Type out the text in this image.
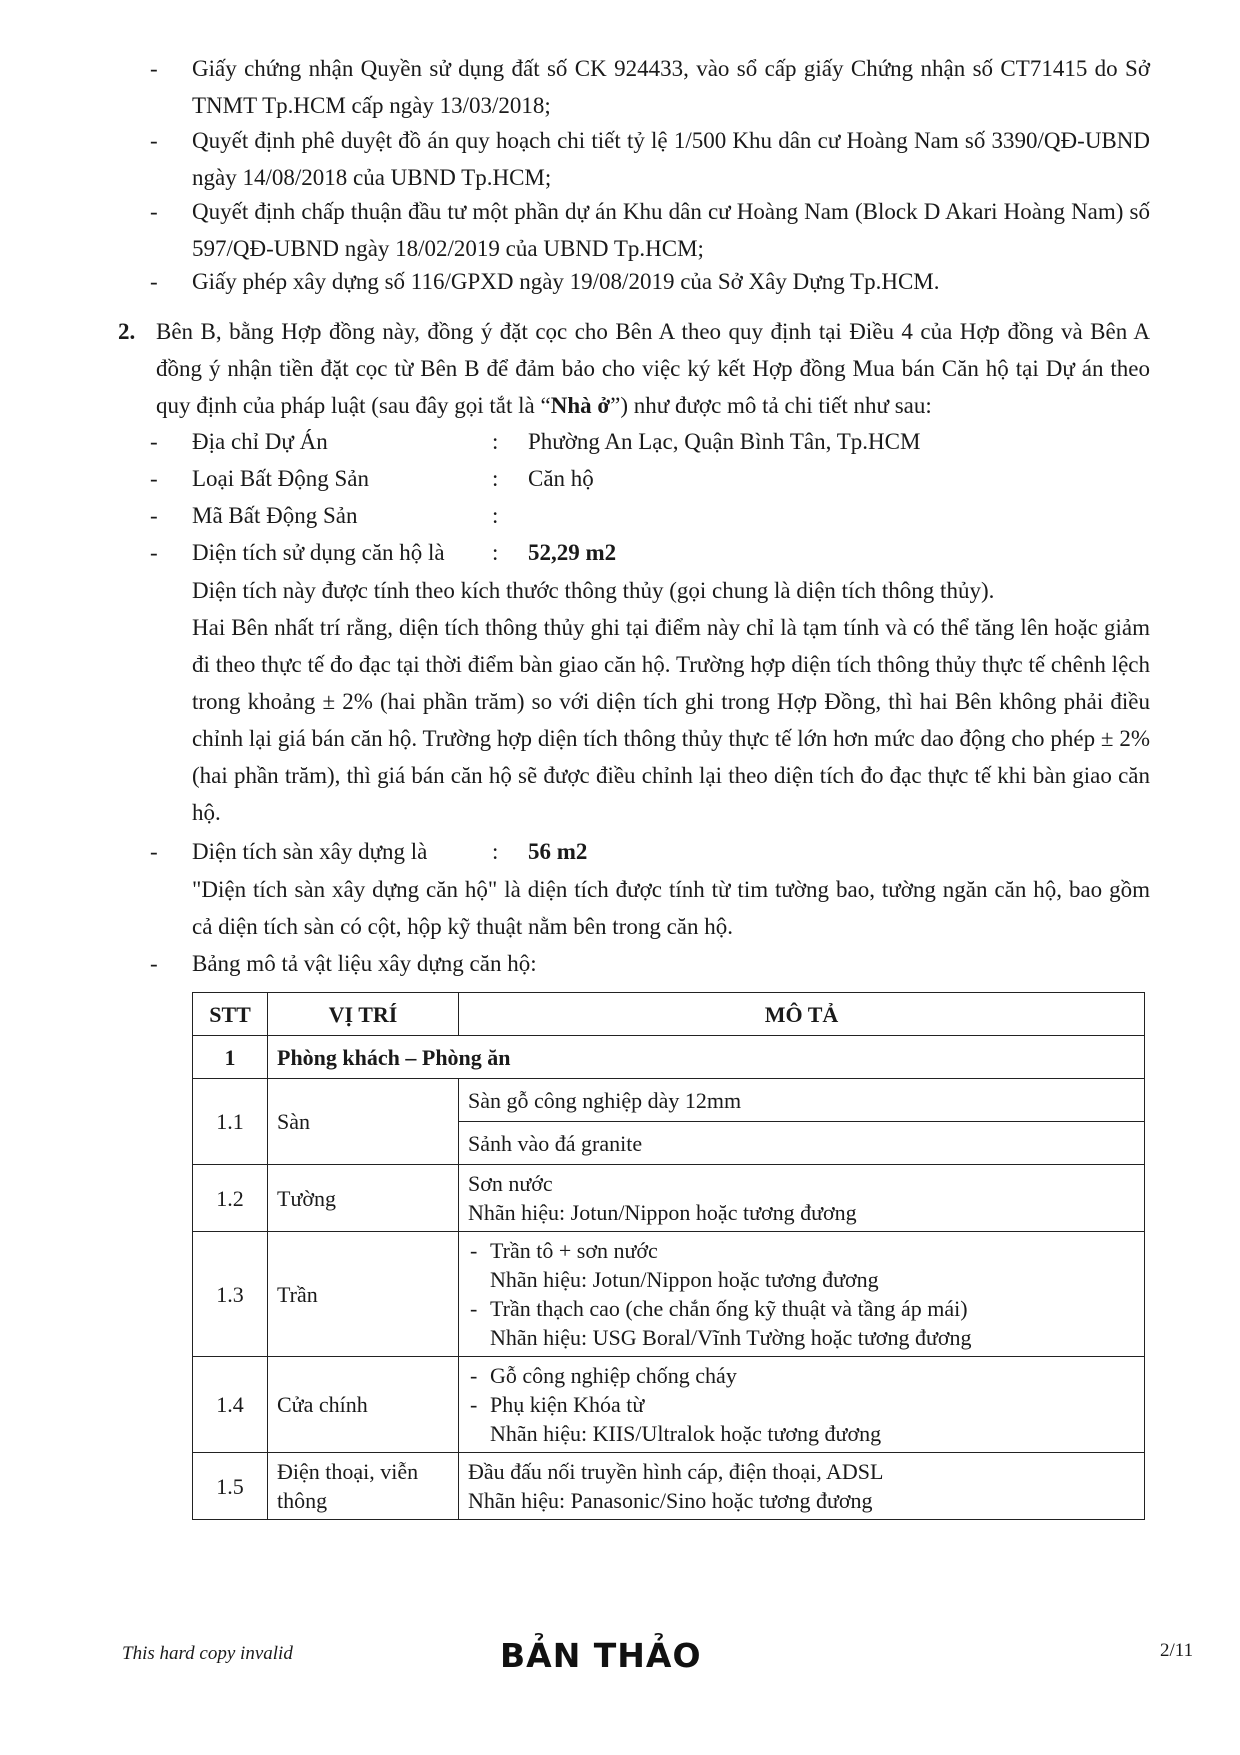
- Giấy chứng nhận Quyền sử dụng đất số CK 924433, vào sổ cấp giấy Chứng nhận số CT71415 do Sở TNMT Tp.HCM cấp ngày 13/03/2018;
- Quyết định phê duyệt đồ án quy hoạch chi tiết tỷ lệ 1/500 Khu dân cư Hoàng Nam số 3390/QĐ-UBND ngày 14/08/2018 của UBND Tp.HCM;
- Quyết định chấp thuận đầu tư một phần dự án Khu dân cư Hoàng Nam (Block D Akari Hoàng Nam) số 597/QĐ-UBND ngày 18/02/2019 của UBND Tp.HCM;
- Giấy phép xây dựng số 116/GPXD ngày 19/08/2019 của Sở Xây Dựng Tp.HCM.
2. Bên B, bằng Hợp đồng này, đồng ý đặt cọc cho Bên A theo quy định tại Điều 4 của Hợp đồng và Bên A đồng ý nhận tiền đặt cọc từ Bên B để đảm bảo cho việc ký kết Hợp đồng Mua bán Căn hộ tại Dự án theo quy định của pháp luật (sau đây gọi tắt là “Nhà ở”) như được mô tả chi tiết như sau:
- Địa chỉ Dự Án	: Phường An Lạc, Quận Bình Tân, Tp.HCM
- Loại Bất Động Sản	: Căn hộ
- Mã Bất Động Sản	:
- Diện tích sử dụng căn hộ là : 52,29 m2
Diện tích này được tính theo kích thước thông thủy (gọi chung là diện tích thông thủy).
Hai Bên nhất trí rằng, diện tích thông thủy ghi tại điểm này chỉ là tạm tính và có thể tăng lên hoặc giảm đi theo thực tế đo đạc tại thời điểm bàn giao căn hộ. Trường hợp diện tích thông thủy thực tế chênh lệch trong khoảng ± 2% (hai phần trăm) so với diện tích ghi trong Hợp Đồng, thì hai Bên không phải điều chỉnh lại giá bán căn hộ. Trường hợp diện tích thông thủy thực tế lớn hơn mức dao động cho phép ± 2% (hai phần trăm), thì giá bán căn hộ sẽ được điều chỉnh lại theo diện tích đo đạc thực tế khi bàn giao căn hộ.
- Diện tích sàn xây dựng là	: 56 m2
"Diện tích sàn xây dựng căn hộ" là diện tích được tính từ tim tường bao, tường ngăn căn hộ, bao gồm cả diện tích sàn có cột, hộp kỹ thuật nằm bên trong căn hộ.
- Bảng mô tả vật liệu xây dựng căn hộ:
STT	VỊ TRÍ	MÔ TẢ
1	Phòng khách – Phòng ăn	
1.1	Sàn	Sàn gỗ công nghiệp dày 12mm
		Sảnh vào đá granite
1.2	Tường	Sơn nước
Nhãn hiệu: Jotun/Nippon hoặc tương đương

1.3	Trần	- Trần tô + sơn nước
Nhãn hiệu: Jotun/Nippon hoặc tương đương
- Trần thạch cao (che chắn ống kỹ thuật và tầng áp mái)
Nhãn hiệu: USG Boral/Vĩnh Tường hoặc tương đương

1.4	Cửa chính	- Gỗ công nghiệp chống cháy
- Phụ kiện Khóa từ
Nhãn hiệu: KIIS/Ultralok hoặc tương đương

1.5	Điện thoại, viễn thông	Đầu đấu nối truyền hình cáp, điện thoại, ADSL
Nhãn hiệu: Panasonic/Sino hoặc tương đương
This hard copy invalid	BẢN THẢO	2/11
